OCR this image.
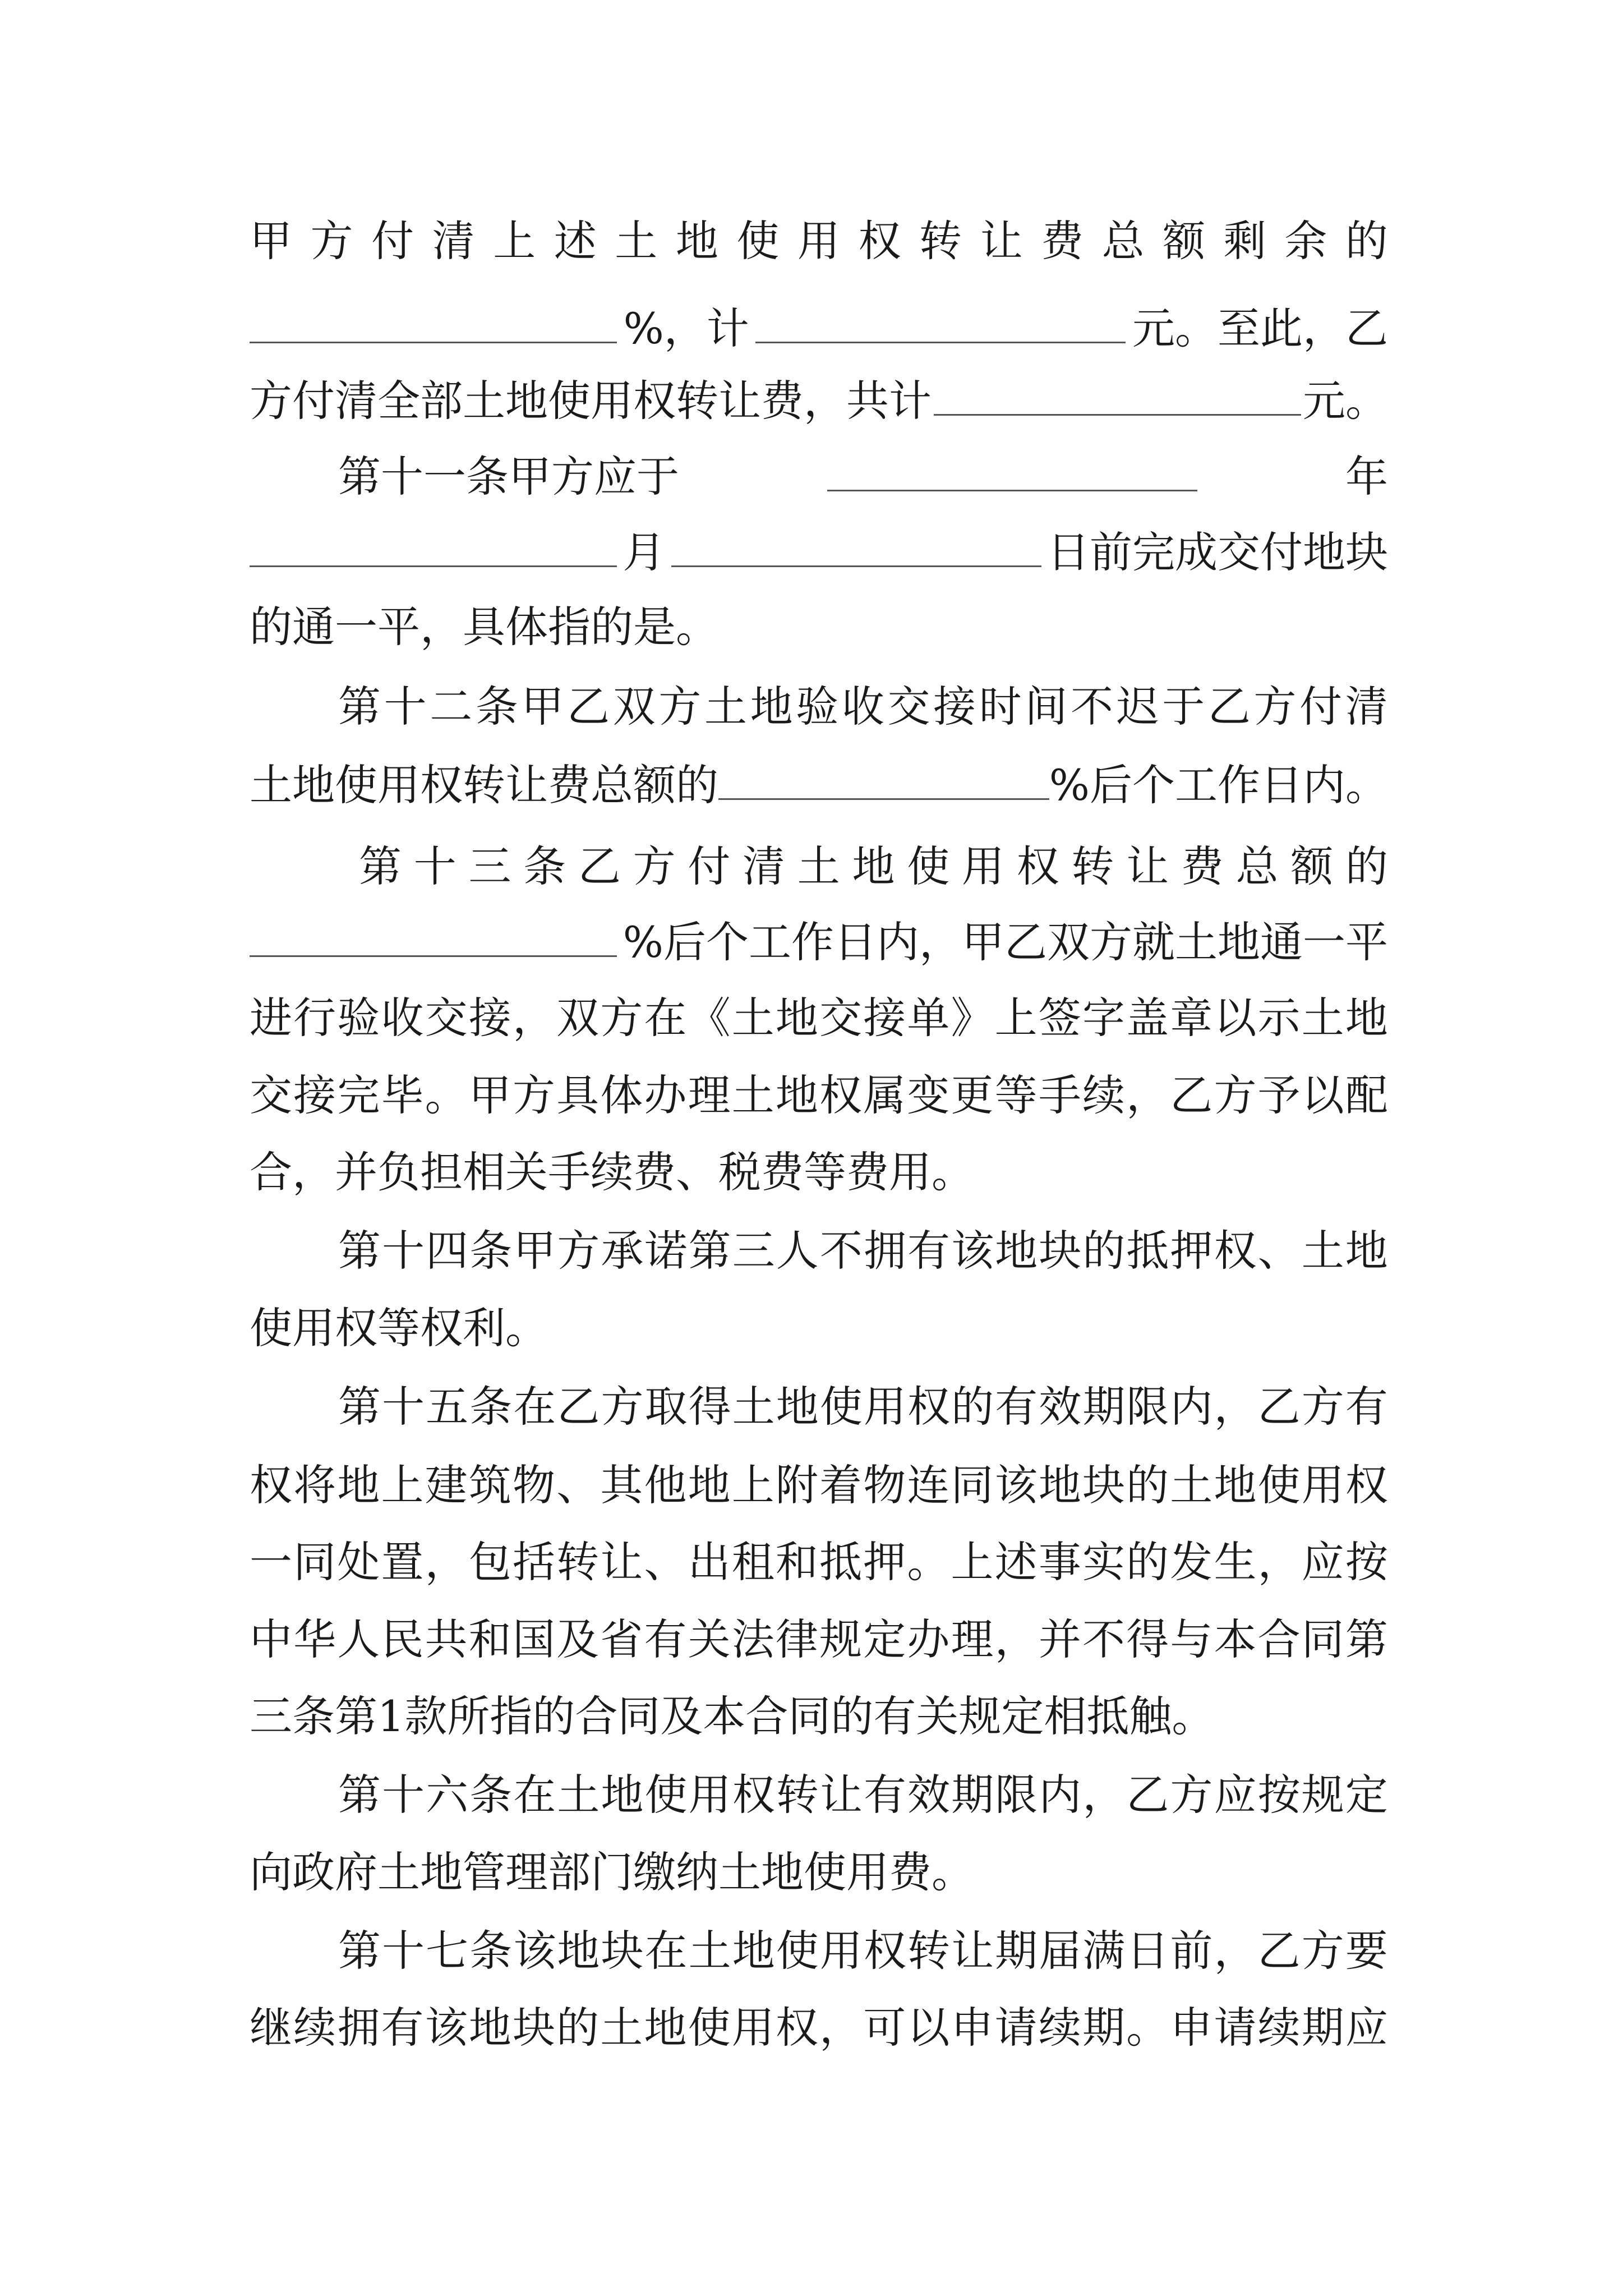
甲 方 付 清 上 述 土 地 使 用 权 转 让 费 总 额 剩 余 的
%，计	元。至此，乙
方付清全部土地使用权转让费，共计	元。
第十一条甲方应于	年
月	日前完成交付地块
的通一平，具体指的是。
第 十 二 条 甲 乙 双 方 土 地 验 收 交 接 时 间 不 迟 于 乙 方 付 清
土地使用权转让费总额的	%后个工作日内。
第 十 三 条 乙 方 付 清 土 地 使 用 权 转 让 费 总 额 的
%后个工作日内，甲乙双方就土地通一平
进 行 验 收 交 接 ， 双 方 在 《 土 地 交 接 单 》 上 签 字 盖 章 以 示 土 地
交 接 完 毕 。 甲 方 具 体 办 理 土 地 权 属 变 更 等 手 续 ， 乙 方 予 以 配
合，并负担相关手续费、税费等费用。
第 十 四 条 甲 方 承 诺 第 三 人 不 拥 有 该 地 块 的 抵 押 权 、 土 地
使用权等权利。
第 十 五 条 在 乙 方 取 得 土 地 使 用 权 的 有 效 期 限 内 ， 乙 方 有
权 将 地 上 建 筑 物 、 其 他 地 上 附 着 物 连 同 该 地 块 的 土 地 使 用 权
一 同 处 置 ， 包 括 转 让 、 出 租 和 抵 押 。 上 述 事 实 的 发 生 ， 应 按
中 华 人 民 共 和 国 及 省 有 关 法 律 规 定 办 理 ， 并 不 得 与 本 合 同 第
三条第1款所指的合同及本合同的有关规定相抵触。
第 十 六 条 在 土 地 使 用 权 转 让 有 效 期 限 内 ， 乙 方 应 按 规 定
向政府土地管理部门缴纳土地使用费。
第 十 七 条 该 地 块 在 土 地 使 用 权 转 让 期 届 满 日 前 ， 乙 方 要
继 续 拥 有 该 地 块 的 土 地 使 用 权 ， 可 以 申 请 续 期 。 申 请 续 期 应
